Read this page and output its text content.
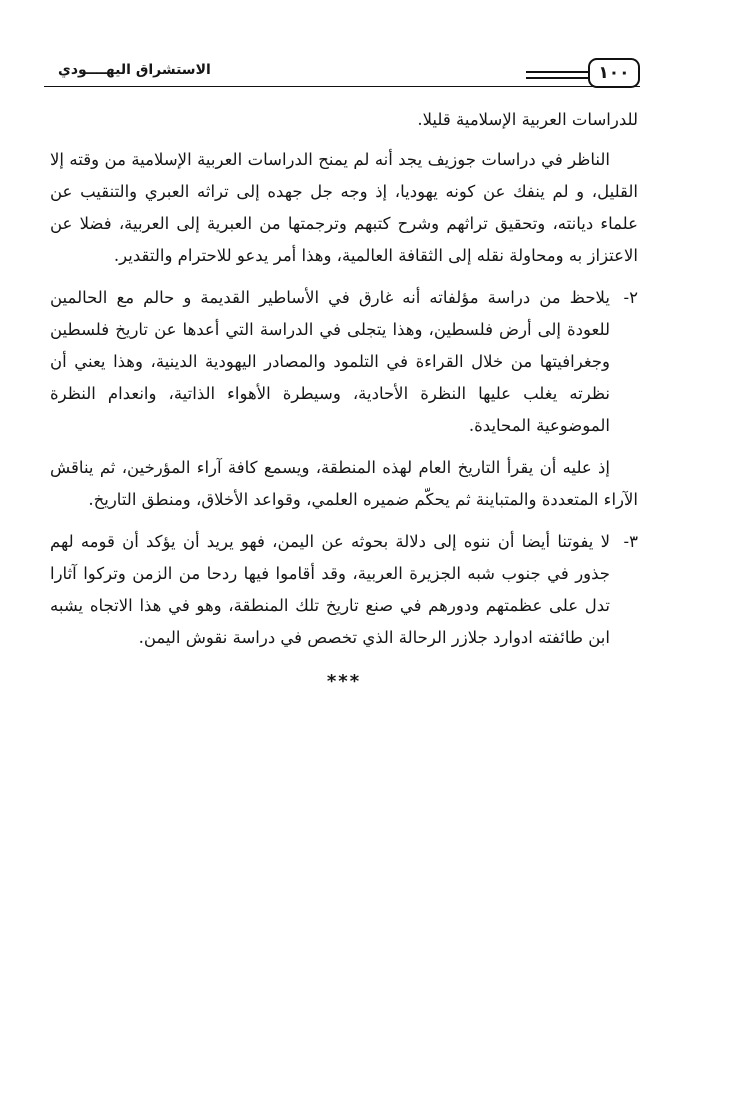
١٠٠
الاستشراق اليهــــودي

للدراسات العربية الإسلامية قليلا.

الناظر في دراسات جوزيف يجد أنه لم يمنح الدراسات العربية الإسلامية من وقته إلا القليل، و لم ينفك عن كونه يهوديا، إذ وجه جل جهده إلى تراثه العبري والتنقيب عن علماء ديانته، وتحقيق تراثهم وشرح كتبهم وترجمتها من العبرية إلى العربية، فضلا عن الاعتزاز به ومحاولة نقله إلى الثقافة العالمية، وهذا أمر يدعو للاحترام والتقدير.

٢-
يلاحظ من دراسة مؤلفاته أنه غارق في الأساطير القديمة و حالم مع الحالمين للعودة إلى أرض فلسطين، وهذا يتجلى في الدراسة التي أعدها عن تاريخ فلسطين وجغرافيتها من خلال القراءة في التلمود والمصادر اليهودية الدينية، وهذا يعني أن نظرته يغلب عليها النظرة الأحادية، وسيطرة الأهواء الذاتية، وانعدام النظرة الموضوعية المحايدة.

إذ عليه أن يقرأ التاريخ العام لهذه المنطقة، ويسمع كافة آراء المؤرخين، ثم يناقش الآراء المتعددة والمتباينة ثم يحكّم ضميره العلمي، وقواعد الأخلاق، ومنطق التاريخ.

٣-
لا يفوتنا أيضا أن ننوه إلى دلالة بحوثه عن اليمن، فهو يريد أن يؤكد أن قومه لهم جذور في جنوب شبه الجزيرة العربية، وقد أقاموا فيها ردحا من الزمن وتركوا آثارا تدل على عظمتهم ودورهم في صنع تاريخ تلك المنطقة، وهو في هذا الاتجاه يشبه ابن طائفته ادوارد جلازر الرحالة الذي تخصص في دراسة نقوش اليمن.
***
